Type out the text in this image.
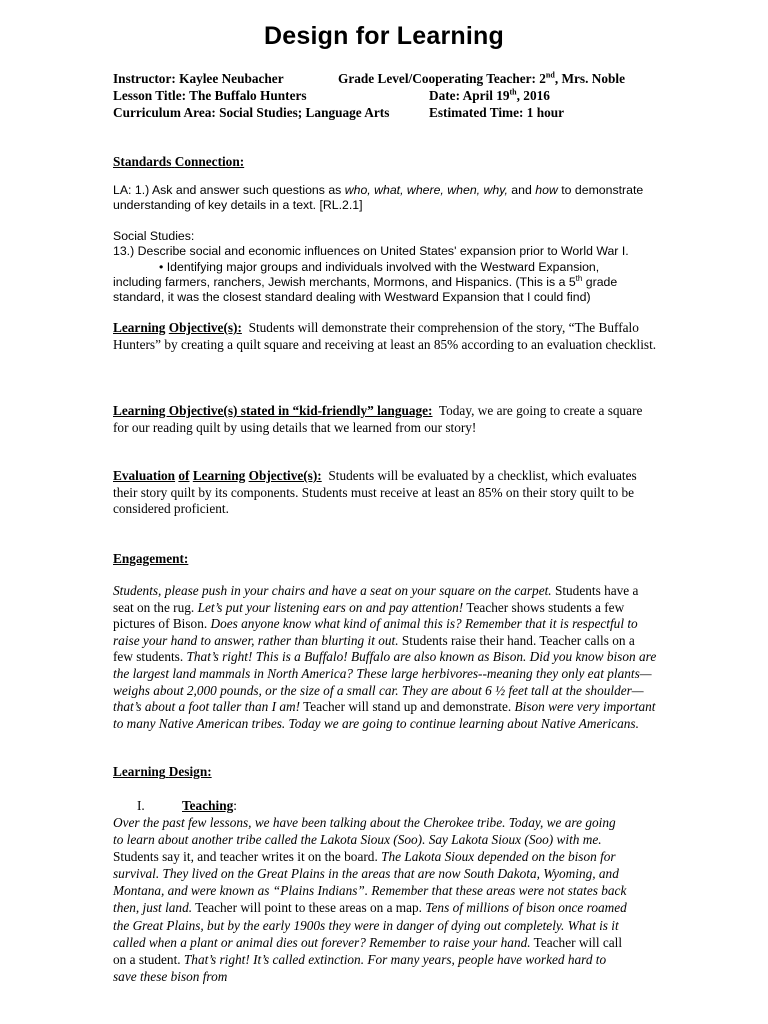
Design for Learning
Instructor: Kaylee Neubacher	Grade Level/Cooperating Teacher: 2nd, Mrs. Noble
Lesson Title: The Buffalo Hunters	Date: April 19th, 2016
Curriculum Area: Social Studies; Language Arts	Estimated Time: 1 hour
Standards Connection:
LA: 1.) Ask and answer such questions as who, what, where, when, why, and how to demonstrate understanding of key details in a text. [RL.2.1]
Social Studies:
13.) Describe social and economic influences on United States' expansion prior to World War I.
• Identifying major groups and individuals involved with the Westward Expansion,
including farmers, ranchers, Jewish merchants, Mormons, and Hispanics. (This is a 5th grade
standard, it was the closest standard dealing with Westward Expansion that I could find)
Learning Objective(s): Students will demonstrate their comprehension of the story, “The Buffalo Hunters” by creating a quilt square and receiving at least an 85% according to an evaluation checklist.
Learning Objective(s) stated in “kid-friendly” language: Today, we are going to create a square for our reading quilt by using details that we learned from our story!
Evaluation of Learning Objective(s): Students will be evaluated by a checklist, which evaluates their story quilt by its components. Students must receive at least an 85% on their story quilt to be considered proficient.
Engagement:
Students, please push in your chairs and have a seat on your square on the carpet. Students have a seat on the rug. Let’s put your listening ears on and pay attention! Teacher shows students a few pictures of Bison. Does anyone know what kind of animal this is? Remember that it is respectful to raise your hand to answer, rather than blurting it out. Students raise their hand. Teacher calls on a few students. That’s right! This is a Buffalo! Buffalo are also known as Bison. Did you know bison are the largest land mammals in North America? These large herbivores--meaning they only eat plants—weighs about 2,000 pounds, or the size of a small car. They are about 6 ½ feet tall at the shoulder—that’s about a foot taller than I am! Teacher will stand up and demonstrate. Bison were very important to many Native American tribes. Today we are going to continue learning about Native Americans.
Learning Design:
I.	Teaching:
Over the past few lessons, we have been talking about the Cherokee tribe. Today, we are going to learn about another tribe called the Lakota Sioux (Soo). Say Lakota Sioux (Soo) with me. Students say it, and teacher writes it on the board. The Lakota Sioux depended on the bison for survival. They lived on the Great Plains in the areas that are now South Dakota, Wyoming, and Montana, and were known as “Plains Indians”. Remember that these areas were not states back then, just land. Teacher will point to these areas on a map. Tens of millions of bison once roamed the Great Plains, but by the early 1900s they were in danger of dying out completely. What is it called when a plant or animal dies out forever? Remember to raise your hand. Teacher will call on a student. That’s right! It’s called extinction. For many years, people have worked hard to save these bison from
